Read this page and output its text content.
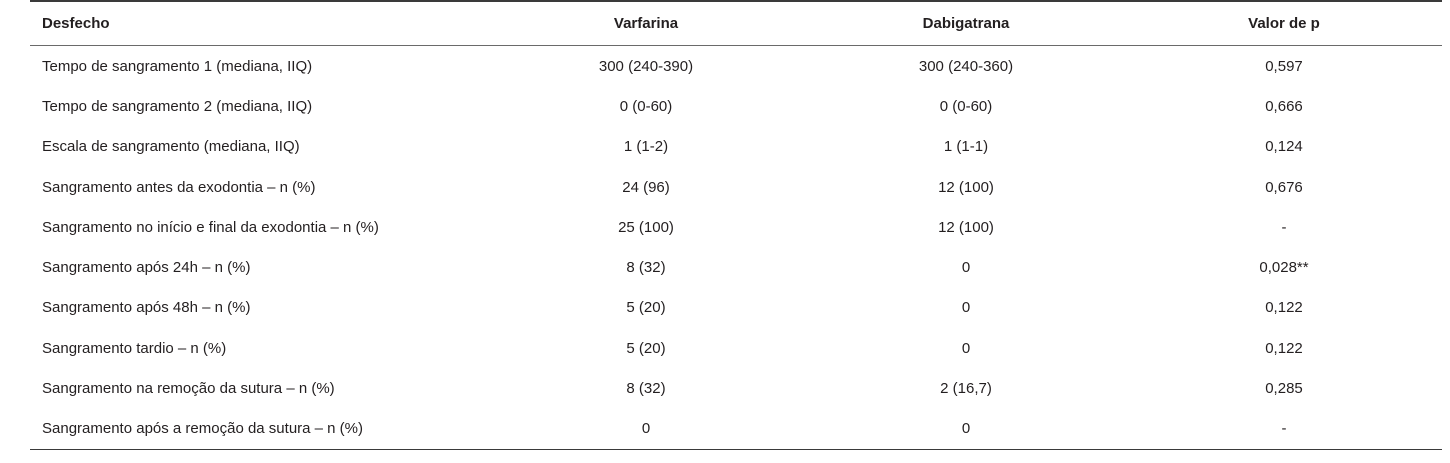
Desfecho	Varfarina	Dabigatrana	Valor de p
Tempo de sangramento 1 (mediana, IIQ)	300 (240-390)	300 (240-360)	0,597
Tempo de sangramento 2 (mediana, IIQ)	0 (0-60)	0 (0-60)	0,666
Escala de sangramento (mediana, IIQ)	1 (1-2)	1 (1-1)	0,124
Sangramento antes da exodontia – n (%)	24 (96)	12 (100)	0,676
Sangramento no início e final da exodontia – n (%)	25 (100)	12 (100)	-
Sangramento após 24h – n (%)	8 (32)	0	0,028**
Sangramento após 48h – n (%)	5 (20)	0	0,122
Sangramento tardio – n (%)	5 (20)	0	0,122
Sangramento na remoção da sutura – n (%)	8 (32)	2 (16,7)	0,285
Sangramento após a remoção da sutura – n (%)	0	0	-
